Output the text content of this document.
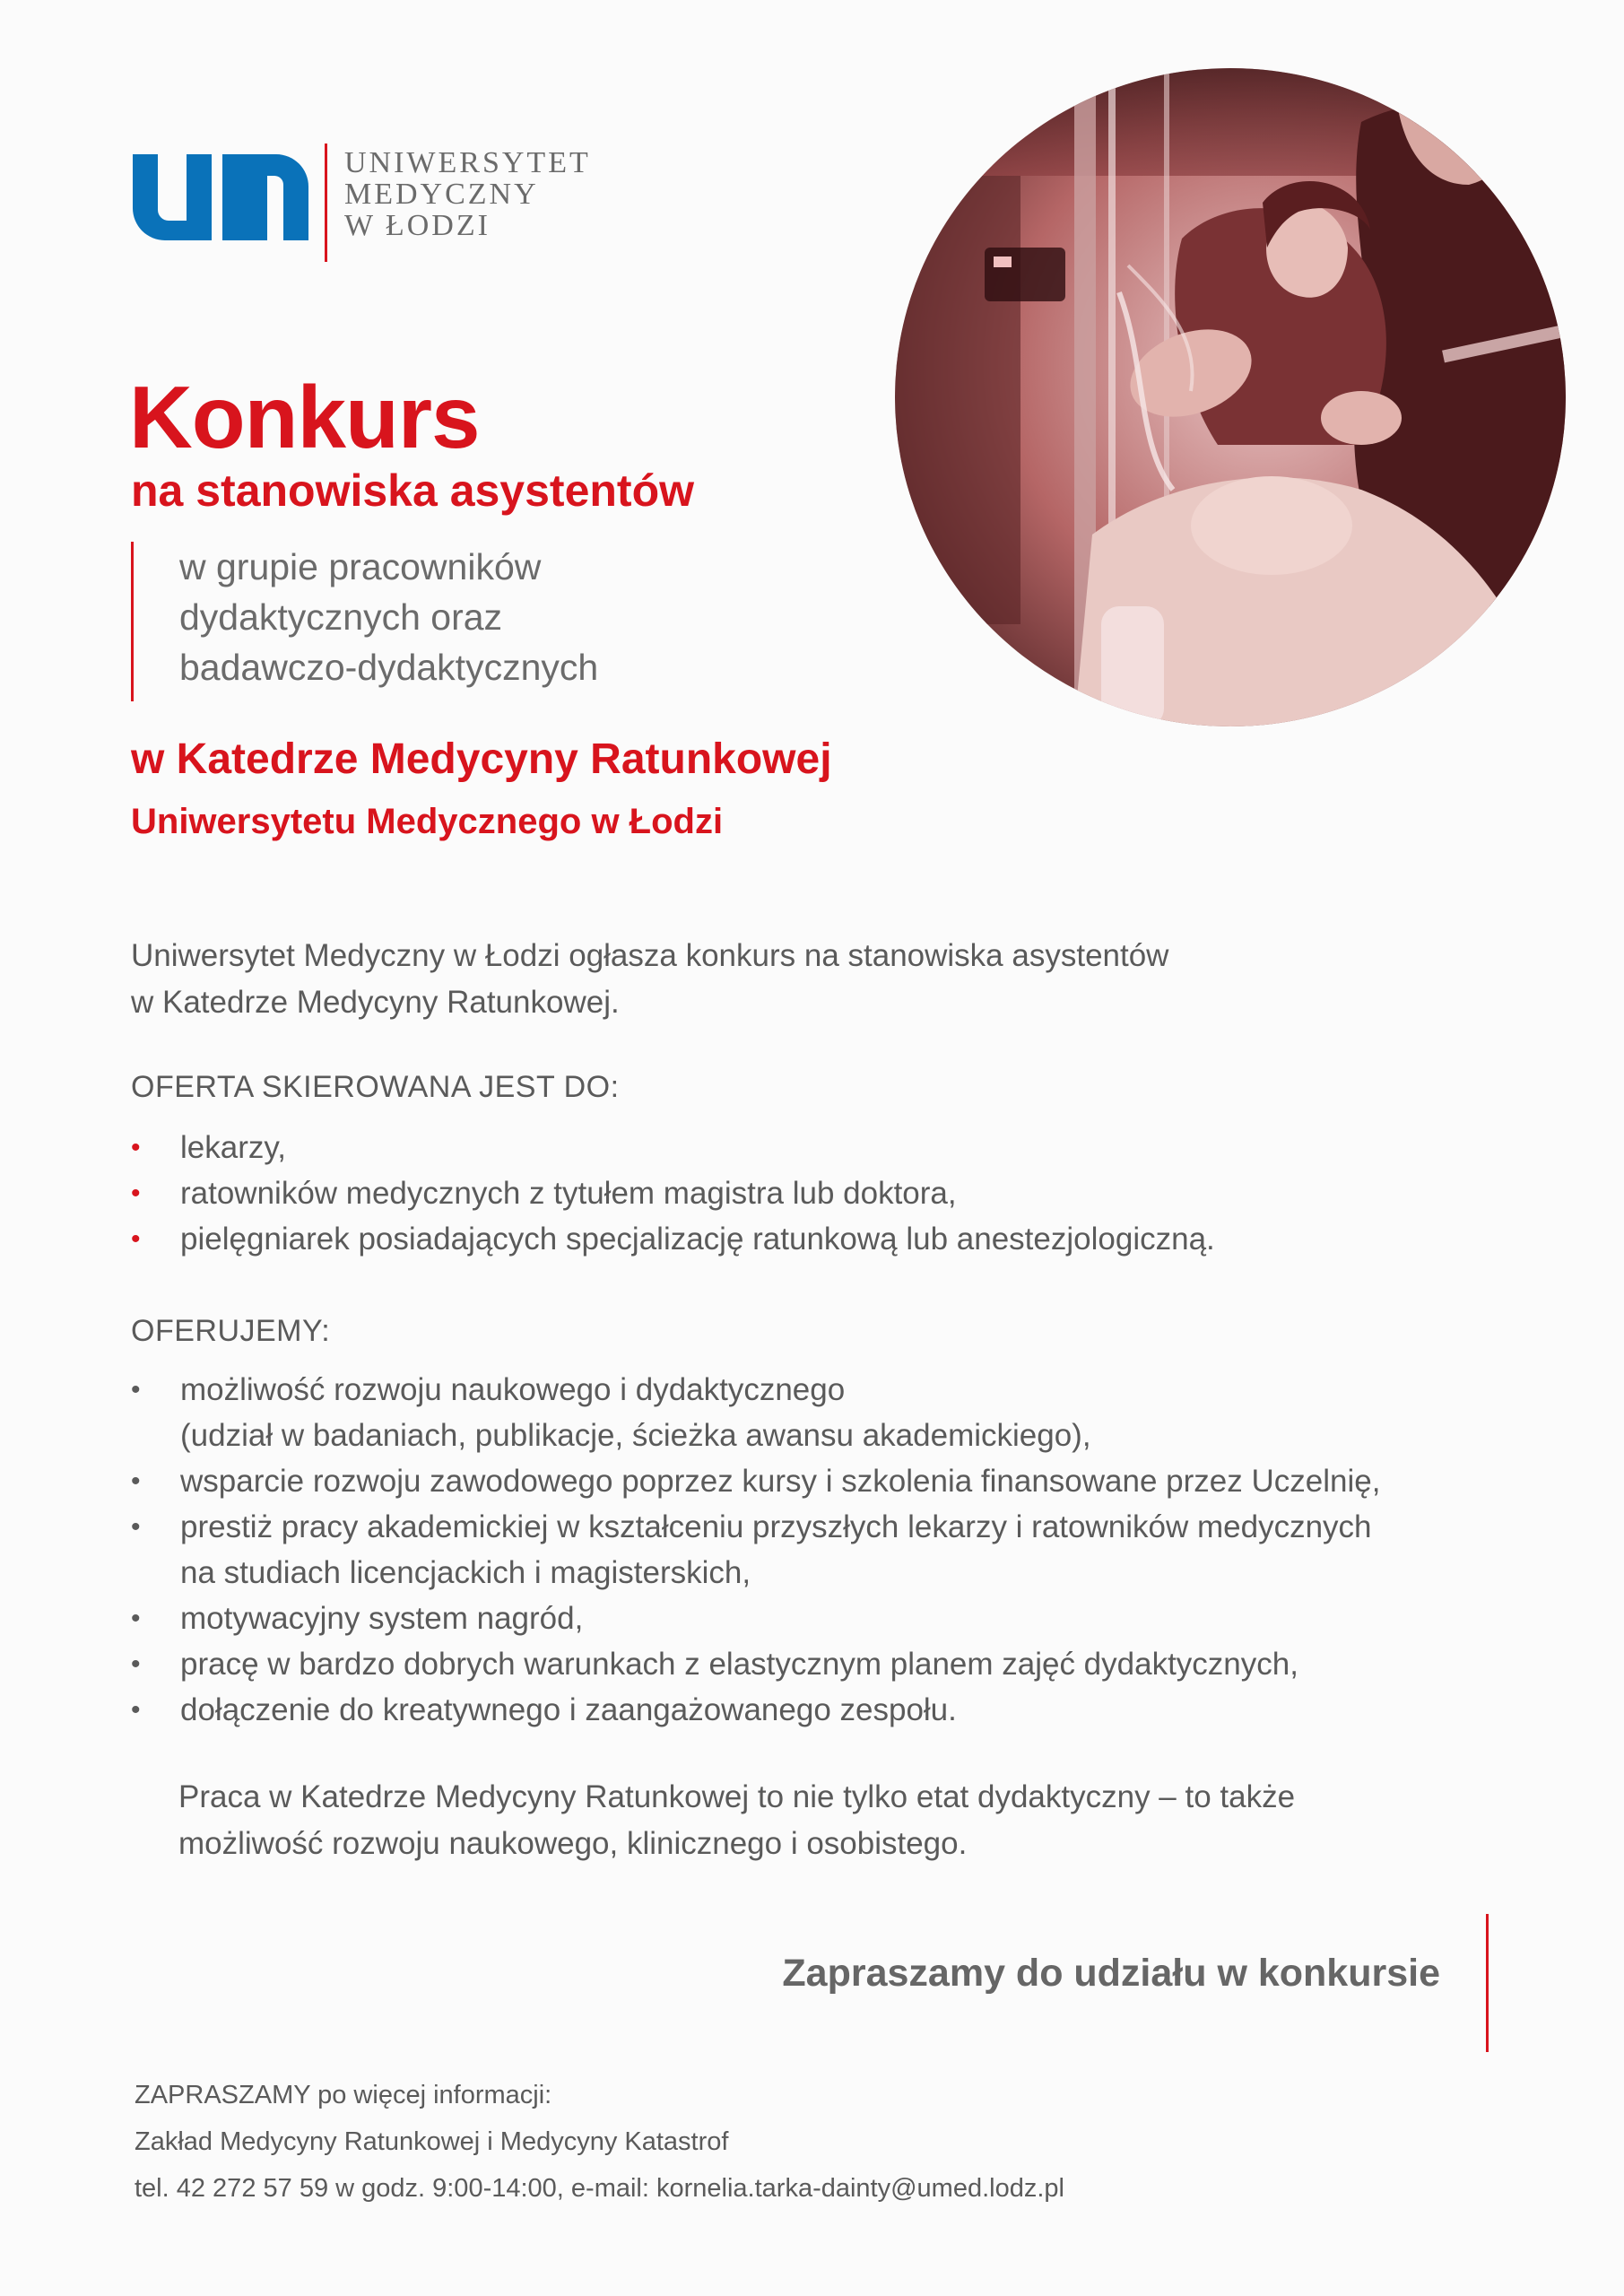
UNIWERSYTET
MEDYCZNY
W ŁODZI
Konkurs
na stanowiska asystentów
w grupie pracowników
dydaktycznych oraz
badawczo-dydaktycznych
w Katedrze Medycyny Ratunkowej
Uniwersytetu Medycznego w Łodzi
Uniwersytet Medyczny w Łodzi ogłasza konkurs na stanowiska asystentów
w Katedrze Medycyny Ratunkowej.
OFERTA SKIEROWANA JEST DO:
• lekarzy,
• ratowników medycznych z tytułem magistra lub doktora,
• pielęgniarek posiadających specjalizację ratunkową lub anestezjologiczną.
OFERUJEMY:
• możliwość rozwoju naukowego i dydaktycznego
(udział w badaniach, publikacje, ścieżka awansu akademickiego),
• wsparcie rozwoju zawodowego poprzez kursy i szkolenia finansowane przez Uczelnię,
• prestiż pracy akademickiej w kształceniu przyszłych lekarzy i ratowników medycznych
na studiach licencjackich i magisterskich,
• motywacyjny system nagród,
• pracę w bardzo dobrych warunkach z elastycznym planem zajęć dydaktycznych,
• dołączenie do kreatywnego i zaangażowanego zespołu.
Praca w Katedrze Medycyny Ratunkowej to nie tylko etat dydaktyczny – to także
możliwość rozwoju naukowego, klinicznego i osobistego.
Zapraszamy do udziału w konkursie
ZAPRASZAMY po więcej informacji:
Zakład Medycyny Ratunkowej i Medycyny Katastrof
tel. 42 272 57 59 w godz. 9:00-14:00, e-mail: kornelia.tarka-dainty@umed.lodz.pl
